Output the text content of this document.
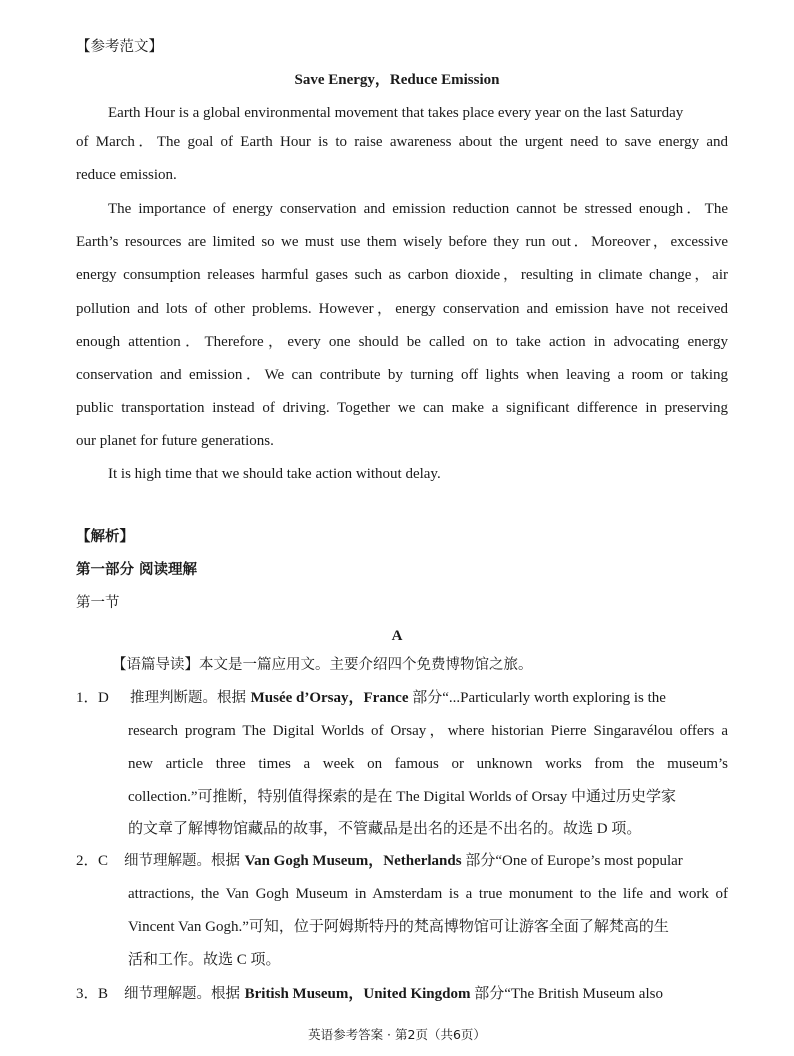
【参考范文】
Save Energy，Reduce Emission
Earth Hour is a global environmental movement that takes place every year on the last Saturday
of March．The goal of Earth Hour is to raise awareness about the urgent need to save energy and
reduce emission.
The importance of energy conservation and emission reduction cannot be stressed enough．The
Earth’s resources are limited so we must use them wisely before they run out．Moreover，excessive
energy consumption releases harmful gases such as carbon dioxide，resulting in climate change，air
pollution and lots of other problems. However，energy conservation and emission have not received
enough attention．Therefore，every one should be called on to take action in advocating energy
conservation and emission．We can contribute by turning off lights when leaving a room or taking
public transportation instead of driving. Together we can make a significant difference in preserving
our planet for future generations.
It is high time that we should take action without delay.
【解析】
第一部分 阅读理解
第一节
A
【语篇导读】本文是一篇应用文。主要介绍四个免费博物馆之旅。
1． D 推理判断题。根据 Musée d’Orsay，France 部分“...Particularly worth exploring is the
research program The Digital Worlds of Orsay，where historian Pierre Singaravélou offers a
new article three times a week on famous or unknown works from the museum’s
collection.”可推断，特别值得探索的是在 The Digital Worlds of Orsay 中通过历史学家
的文章了解博物馆藏品的故事，不管藏品是出名的还是不出名的。故选 D 项。
2． C 细节理解题。根据 Van Gogh Museum，Netherlands 部分“One of Europe’s most popular
attractions, the Van Gogh Museum in Amsterdam is a true monument to the life and work of
Vincent Van Gogh.”可知，位于阿姆斯特丹的梵高博物馆可让游客全面了解梵高的生
活和工作。故选 C 项。
3． B 细节理解题。根据 British Museum，United Kingdom 部分“The British Museum also
英语参考答案 · 第2页（共6页）
